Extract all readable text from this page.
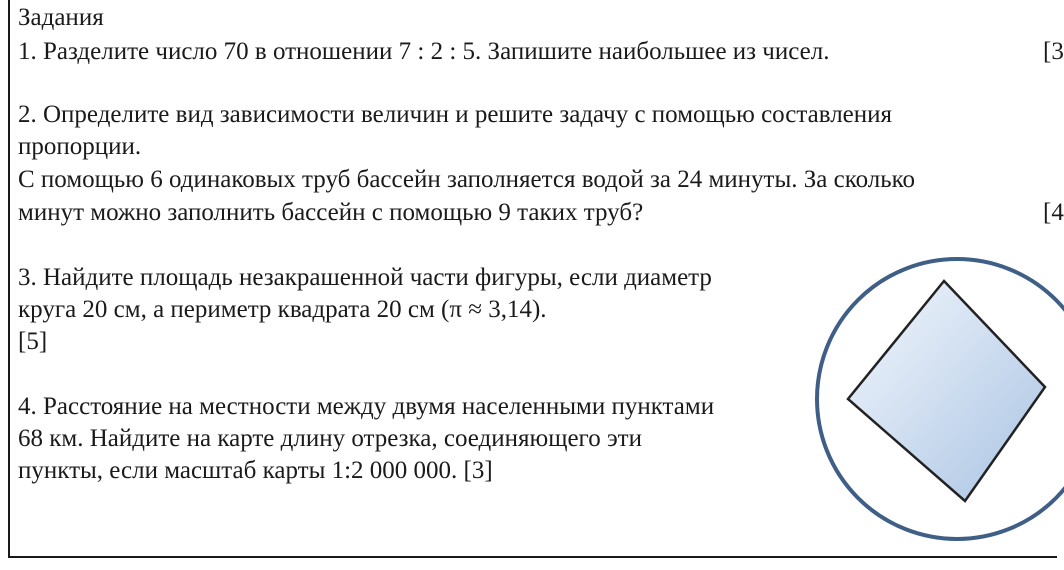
Задания
1. Разделите число 70 в отношении 7 : 2 : 5. Запишите наибольшее из чисел.	[3
2. Определите вид зависимости величин и решите задачу с помощью составления
пропорции.
С помощью 6 одинаковых труб бассейн заполняется водой за 24 минуты. За сколько
минут можно заполнить бассейн с помощью 9 таких труб?	[4
3. Найдите площадь незакрашенной части фигуры, если диаметр
круга 20 см, а периметр квадрата 20 см (π ≈ 3,14).
[5]
4. Расстояние на местности между двумя населенными пунктами
68 км. Найдите на карте длину отрезка, соединяющего эти
пункты, если масштаб карты 1:2 000 000. [3]
